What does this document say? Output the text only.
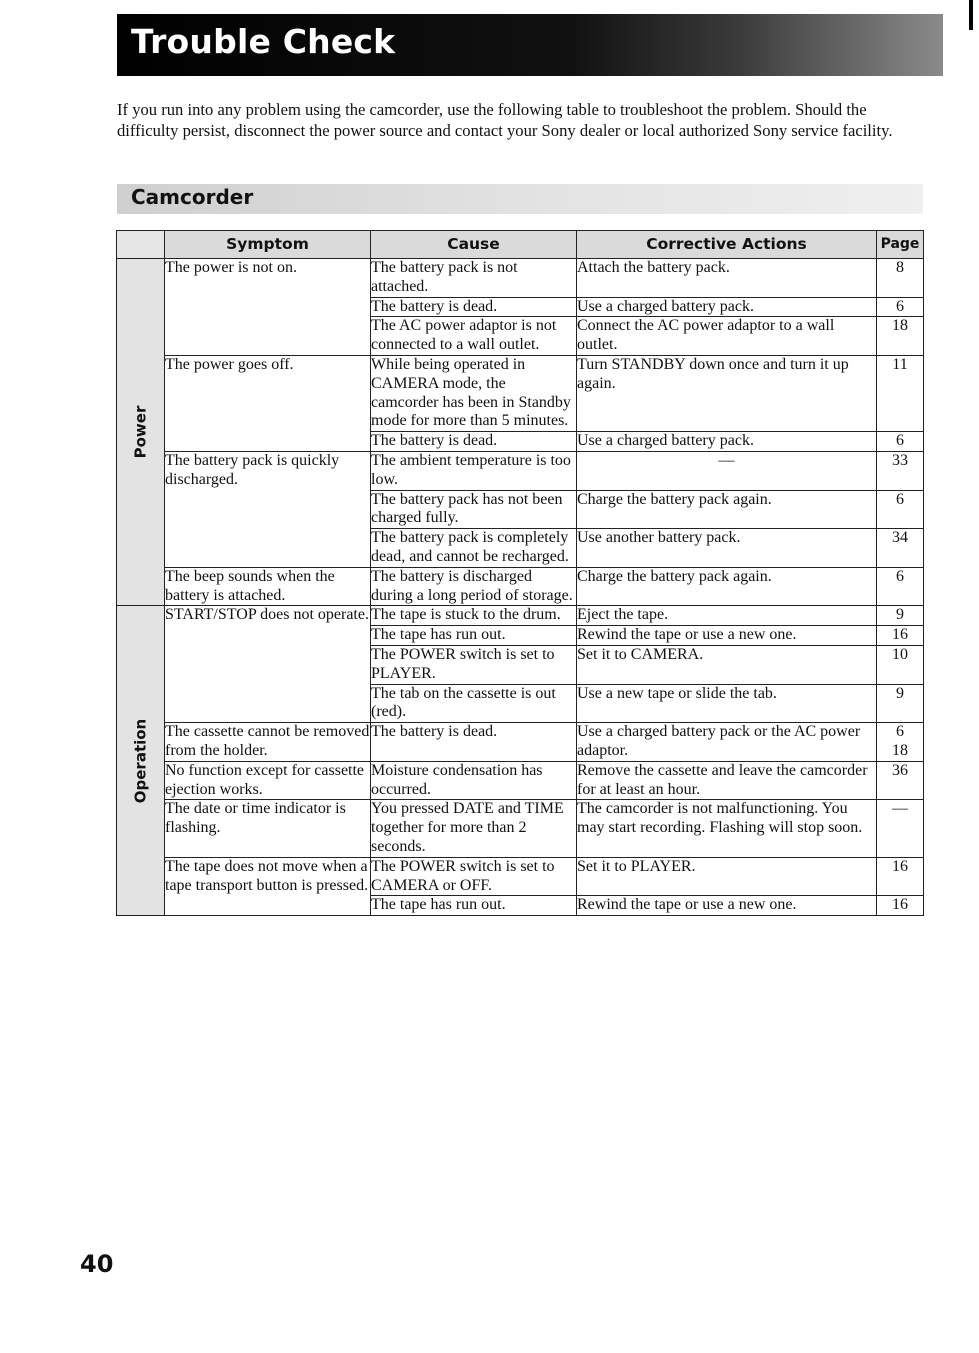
Trouble Check

If you run into any problem using the camcorder, use the following table to troubleshoot the problem. Should the difficulty persist, disconnect the power source and contact your Sony dealer or local authorized Sony service facility.

Camcorder
	Symptom	Cause	Corrective Actions	Page

Power	The power is not on.	The battery pack is not attached.	Attach the battery pack.	8

		The battery is dead.	Use a charged battery pack.	6

		The AC power adaptor is not connected to a wall outlet.	Connect the AC power adaptor to a wall outlet.	18

	The power goes off.	While being operated in CAMERA mode, the camcorder has been in Standby mode for more than 5 minutes.	Turn STANDBY down once and turn it up again.	11

		The battery is dead.	Use a charged battery pack.	6

	The battery pack is quickly discharged.	The ambient temperature is too low.	—	33

		The battery pack has not been charged fully.	Charge the battery pack again.	6

		The battery pack is completely dead, and cannot be recharged.	Use another battery pack.	34

	The beep sounds when the battery is attached.	The battery is discharged during a long period of storage.	Charge the battery pack again.	6

Operation	START/STOP does not operate.	The tape is stuck to the drum.	Eject the tape.	9

		The tape has run out.	Rewind the tape or use a new one.	16

		The POWER switch is set to PLAYER.	Set it to CAMERA.	10

		The tab on the cassette is out (red).	Use a new tape or slide the tab.	9

	The cassette cannot be removed from the holder.	The battery is dead.	Use a charged battery pack or the AC power adaptor.	6
18

	No function except for cassette ejection works.	Moisture condensation has occurred.	Remove the cassette and leave the camcorder for at least an hour.	36

	The date or time indicator is flashing.	You pressed DATE and TIME together for more than 2 seconds.	The camcorder is not malfunctioning. You may start recording. Flashing will stop soon.	—

	The tape does not move when a tape transport button is pressed.	The POWER switch is set to CAMERA or OFF.	Set it to PLAYER.	16

		The tape has run out.	Rewind the tape or use a new one.	16
40
